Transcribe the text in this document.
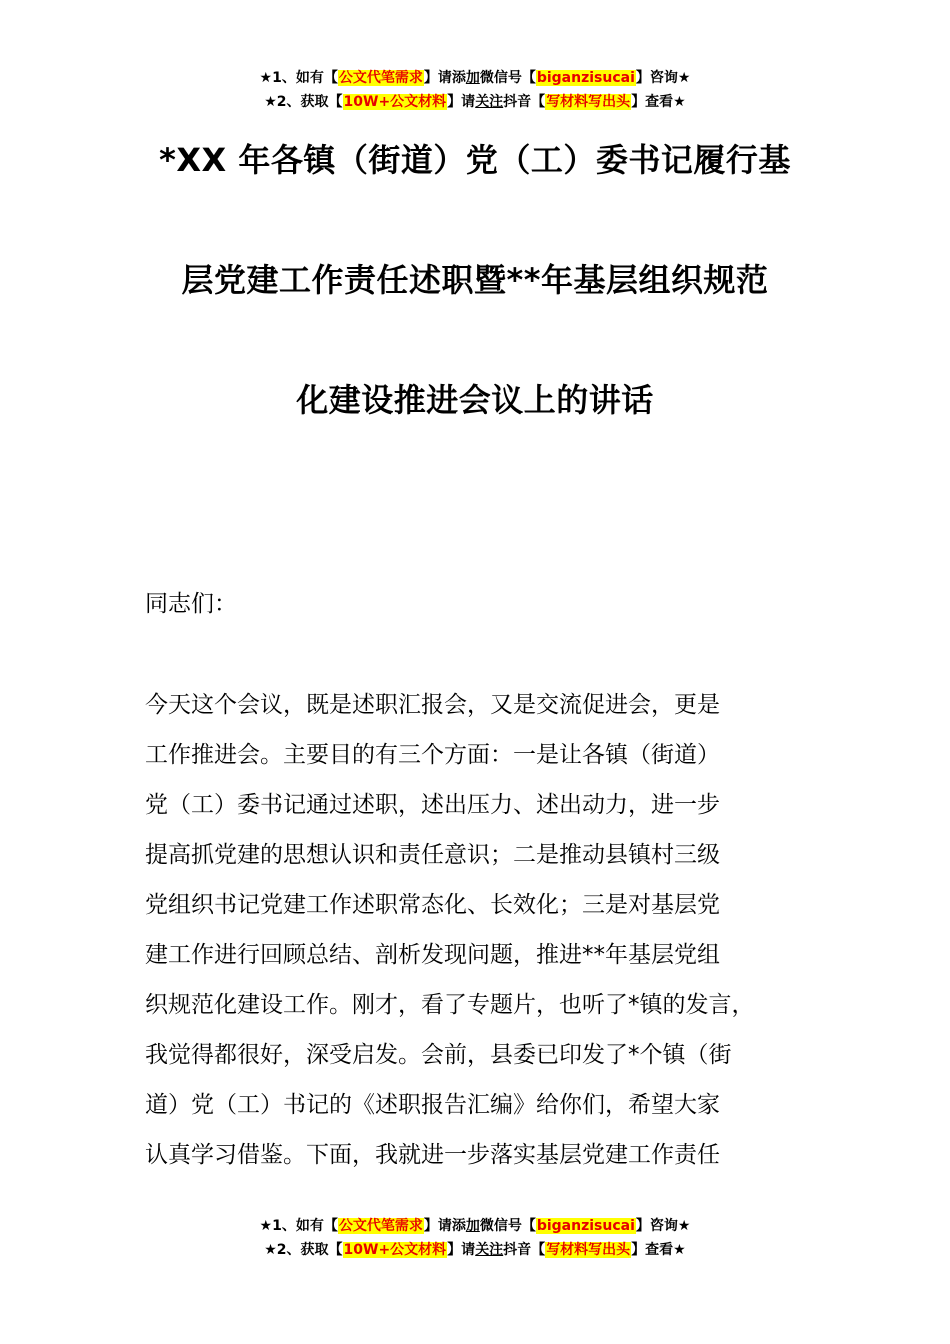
★1、如有【公文代笔需求】请添加微信号【biganzisucai】咨询★
★2、获取【10W+公文材料】请关注抖音【写材料写出头】查看★
*XX 年各镇（街道）党（工）委书记履行基
层党建工作责任述职暨**年基层组织规范
化建设推进会议上的讲话
同志们：
今天这个会议，既是述职汇报会，又是交流促进会，更是
工作推进会。主要目的有三个方面：一是让各镇（街道）
党（工）委书记通过述职，述出压力、述出动力，进一步
提高抓党建的思想认识和责任意识；二是推动县镇村三级
党组织书记党建工作述职常态化、长效化；三是对基层党
建工作进行回顾总结、剖析发现问题，推进**年基层党组
织规范化建设工作。刚才，看了专题片，也听了*镇的发言，
我觉得都很好，深受启发。会前，县委已印发了*个镇（街
道）党（工）书记的《述职报告汇编》给你们，希望大家
认真学习借鉴。下面，我就进一步落实基层党建工作责任
★1、如有【公文代笔需求】请添加微信号【biganzisucai】咨询★
★2、获取【10W+公文材料】请关注抖音【写材料写出头】查看★
